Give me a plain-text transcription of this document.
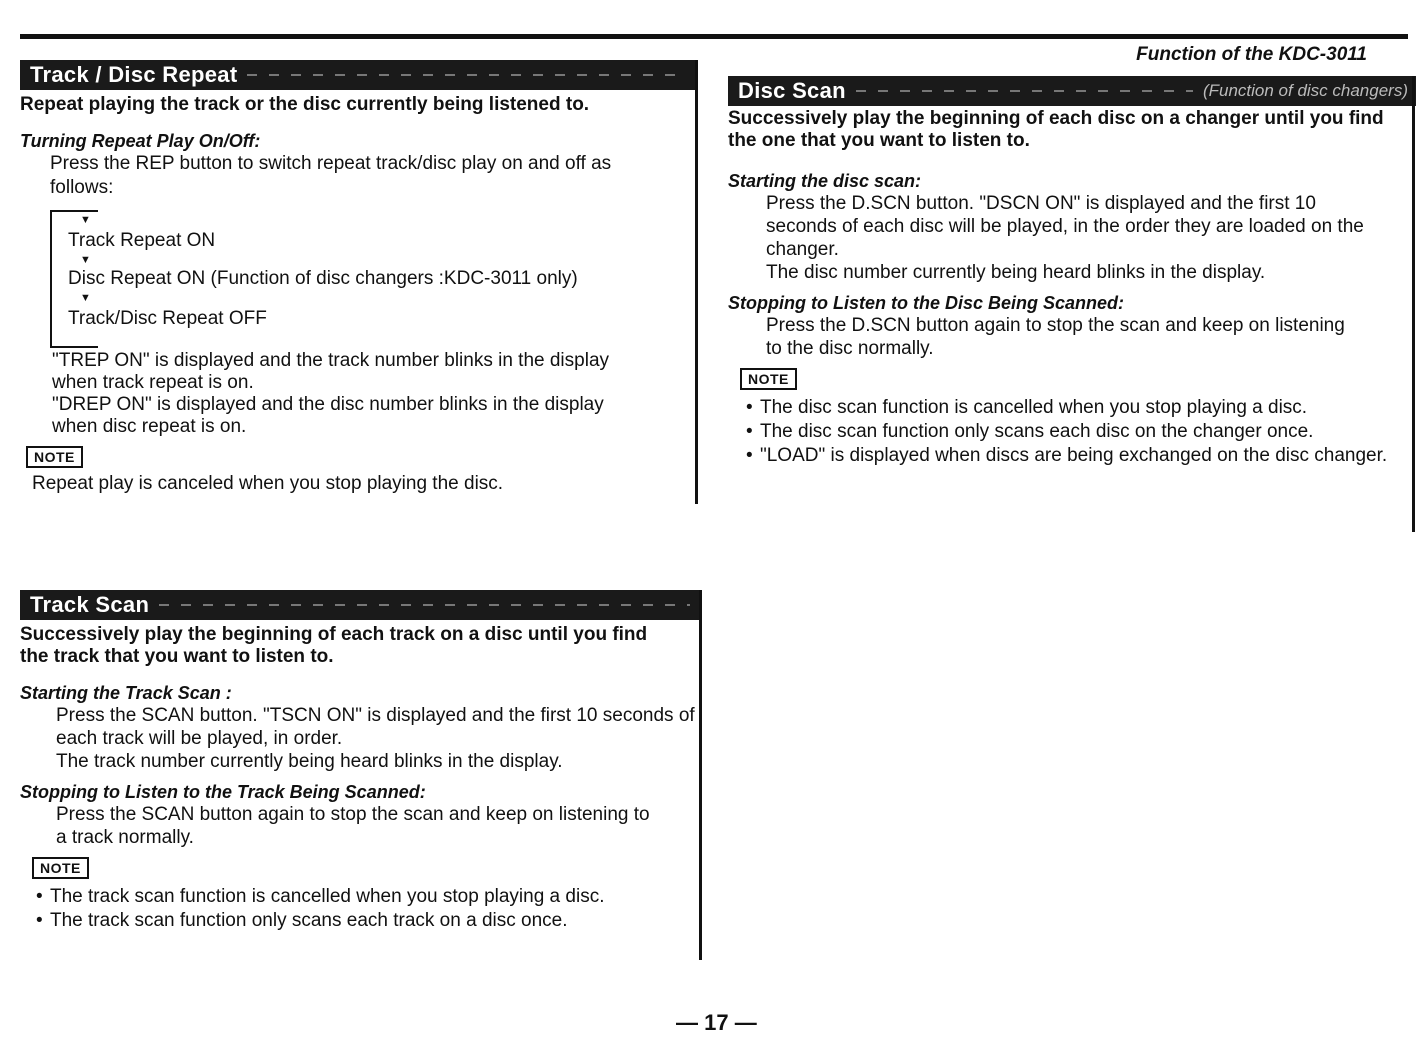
Function of the KDC-3011
Track / Disc Repeat
Repeat playing the track or the disc currently being listened to.
Turning Repeat Play On/Off:
Press the REP button to switch repeat track/disc play on and off as follows:
▼
Track Repeat ON
▼
Disc Repeat ON (Function of disc changers :KDC-3011 only)
▼
Track/Disc Repeat OFF
"TREP ON" is displayed and the track number blinks in the display when track repeat is on.
"DREP ON" is displayed and the disc number blinks in the display when disc repeat is on.
NOTE
Repeat play is canceled when you stop playing the disc.
Track Scan
Successively play the beginning of each track on a disc until you find the track that you want to listen to.
Starting the Track Scan :
Press the SCAN button. "TSCN ON" is displayed and the first 10 seconds of each track will be played, in order.
The track number currently being heard blinks in the display.
Stopping to Listen to the Track Being Scanned:
Press the SCAN button again to stop the scan and keep on listening to a track normally.
NOTE
• The track scan function is cancelled when you stop playing a disc.
• The track scan function only scans each track on a disc once.
Disc Scan	(Function of disc changers)
Successively play the beginning of each disc on a changer until you find the one that you want to listen to.
Starting the disc scan:
Press the D.SCN button. "DSCN ON" is displayed and the first 10 seconds of each disc will be played, in the order they are loaded on the changer.
The disc number currently being heard blinks in the display.
Stopping to Listen to the Disc Being Scanned:
Press the D.SCN button again to stop the scan and keep on listening to the disc normally.
NOTE
• The disc scan function is cancelled when you stop playing a disc.
• The disc scan function only scans each disc on the changer once.
• "LOAD" is displayed when discs are being exchanged on the disc changer.
— 17 —
